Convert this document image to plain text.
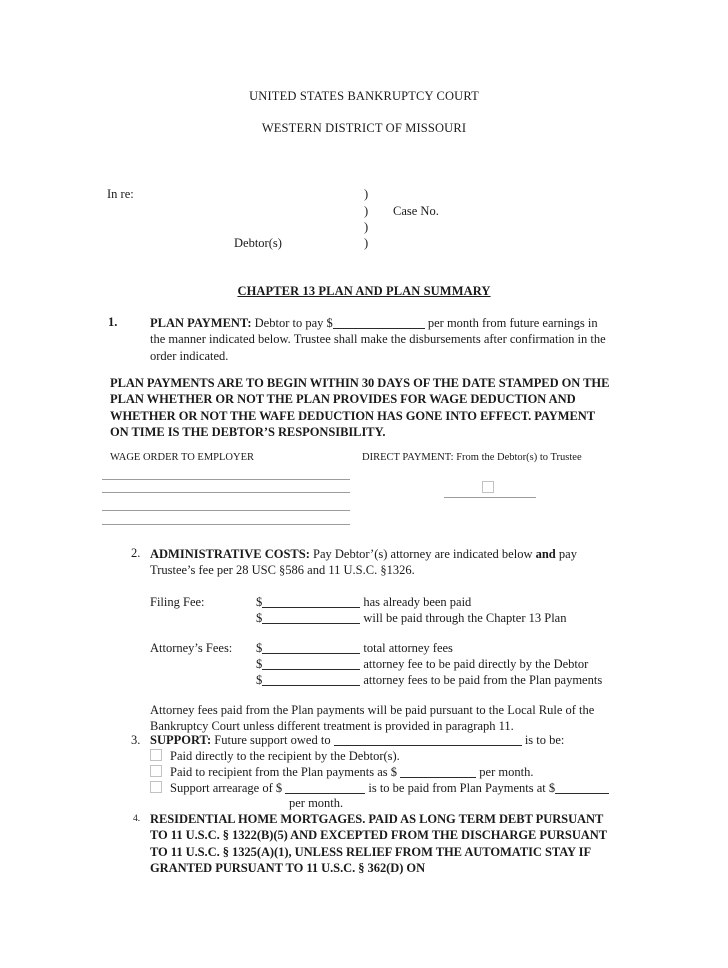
UNITED STATES BANKRUPTCY COURT
WESTERN DISTRICT OF MISSOURI
In re:
Debtor(s)
)
)
)
)
Case No.
CHAPTER 13 PLAN AND PLAN SUMMARY
1.	PLAN PAYMENT: Debtor to pay $	per month from future earnings in the manner indicated below. Trustee shall make the disbursements after confirmation in the order indicated.
PLAN PAYMENTS ARE TO BEGIN WITHIN 30 DAYS OF THE DATE STAMPED ON THE PLAN WHETHER OR NOT THE PLAN PROVIDES FOR WAGE DEDUCTION AND WHETHER OR NOT THE WAFE DEDUCTION HAS GONE INTO EFFECT. PAYMENT ON TIME IS THE DEBTOR’S RESPONSIBILITY.
WAGE ORDER TO EMPLOYER	DIRECT PAYMENT: From the Debtor(s) to Trustee
2. ADMINISTRATIVE COSTS: Pay Debtor’(s) attorney are indicated below and pay Trustee’s fee per 28 USC §586 and 11 U.S.C. §1326.
Filing Fee:	$	has already been paid
$	will be paid through the Chapter 13 Plan
Attorney’s Fees: $	total attorney fees
$	attorney fee to be paid directly by the Debtor
$	attorney fees to be paid from the Plan payments
Attorney fees paid from the Plan payments will be paid pursuant to the Local Rule of the Bankruptcy Court unless different treatment is provided in paragraph 11.
3. SUPPORT: Future support owed to	is to be:
Paid directly to the recipient by the Debtor(s).
Paid to recipient from the Plan payments as $	per month.
Support arrearage of $	is to be paid from Plan Payments at $
per month.
4. RESIDENTIAL HOME MORTGAGES. PAID AS LONG TERM DEBT PURSUANT TO 11 U.S.C. § 1322(B)(5) AND EXCEPTED FROM THE DISCHARGE PURSUANT TO 11 U.S.C. § 1325(A)(1), UNLESS RELIEF FROM THE AUTOMATIC STAY IF GRANTED PURSUANT TO 11 U.S.C. § 362(D) ON
